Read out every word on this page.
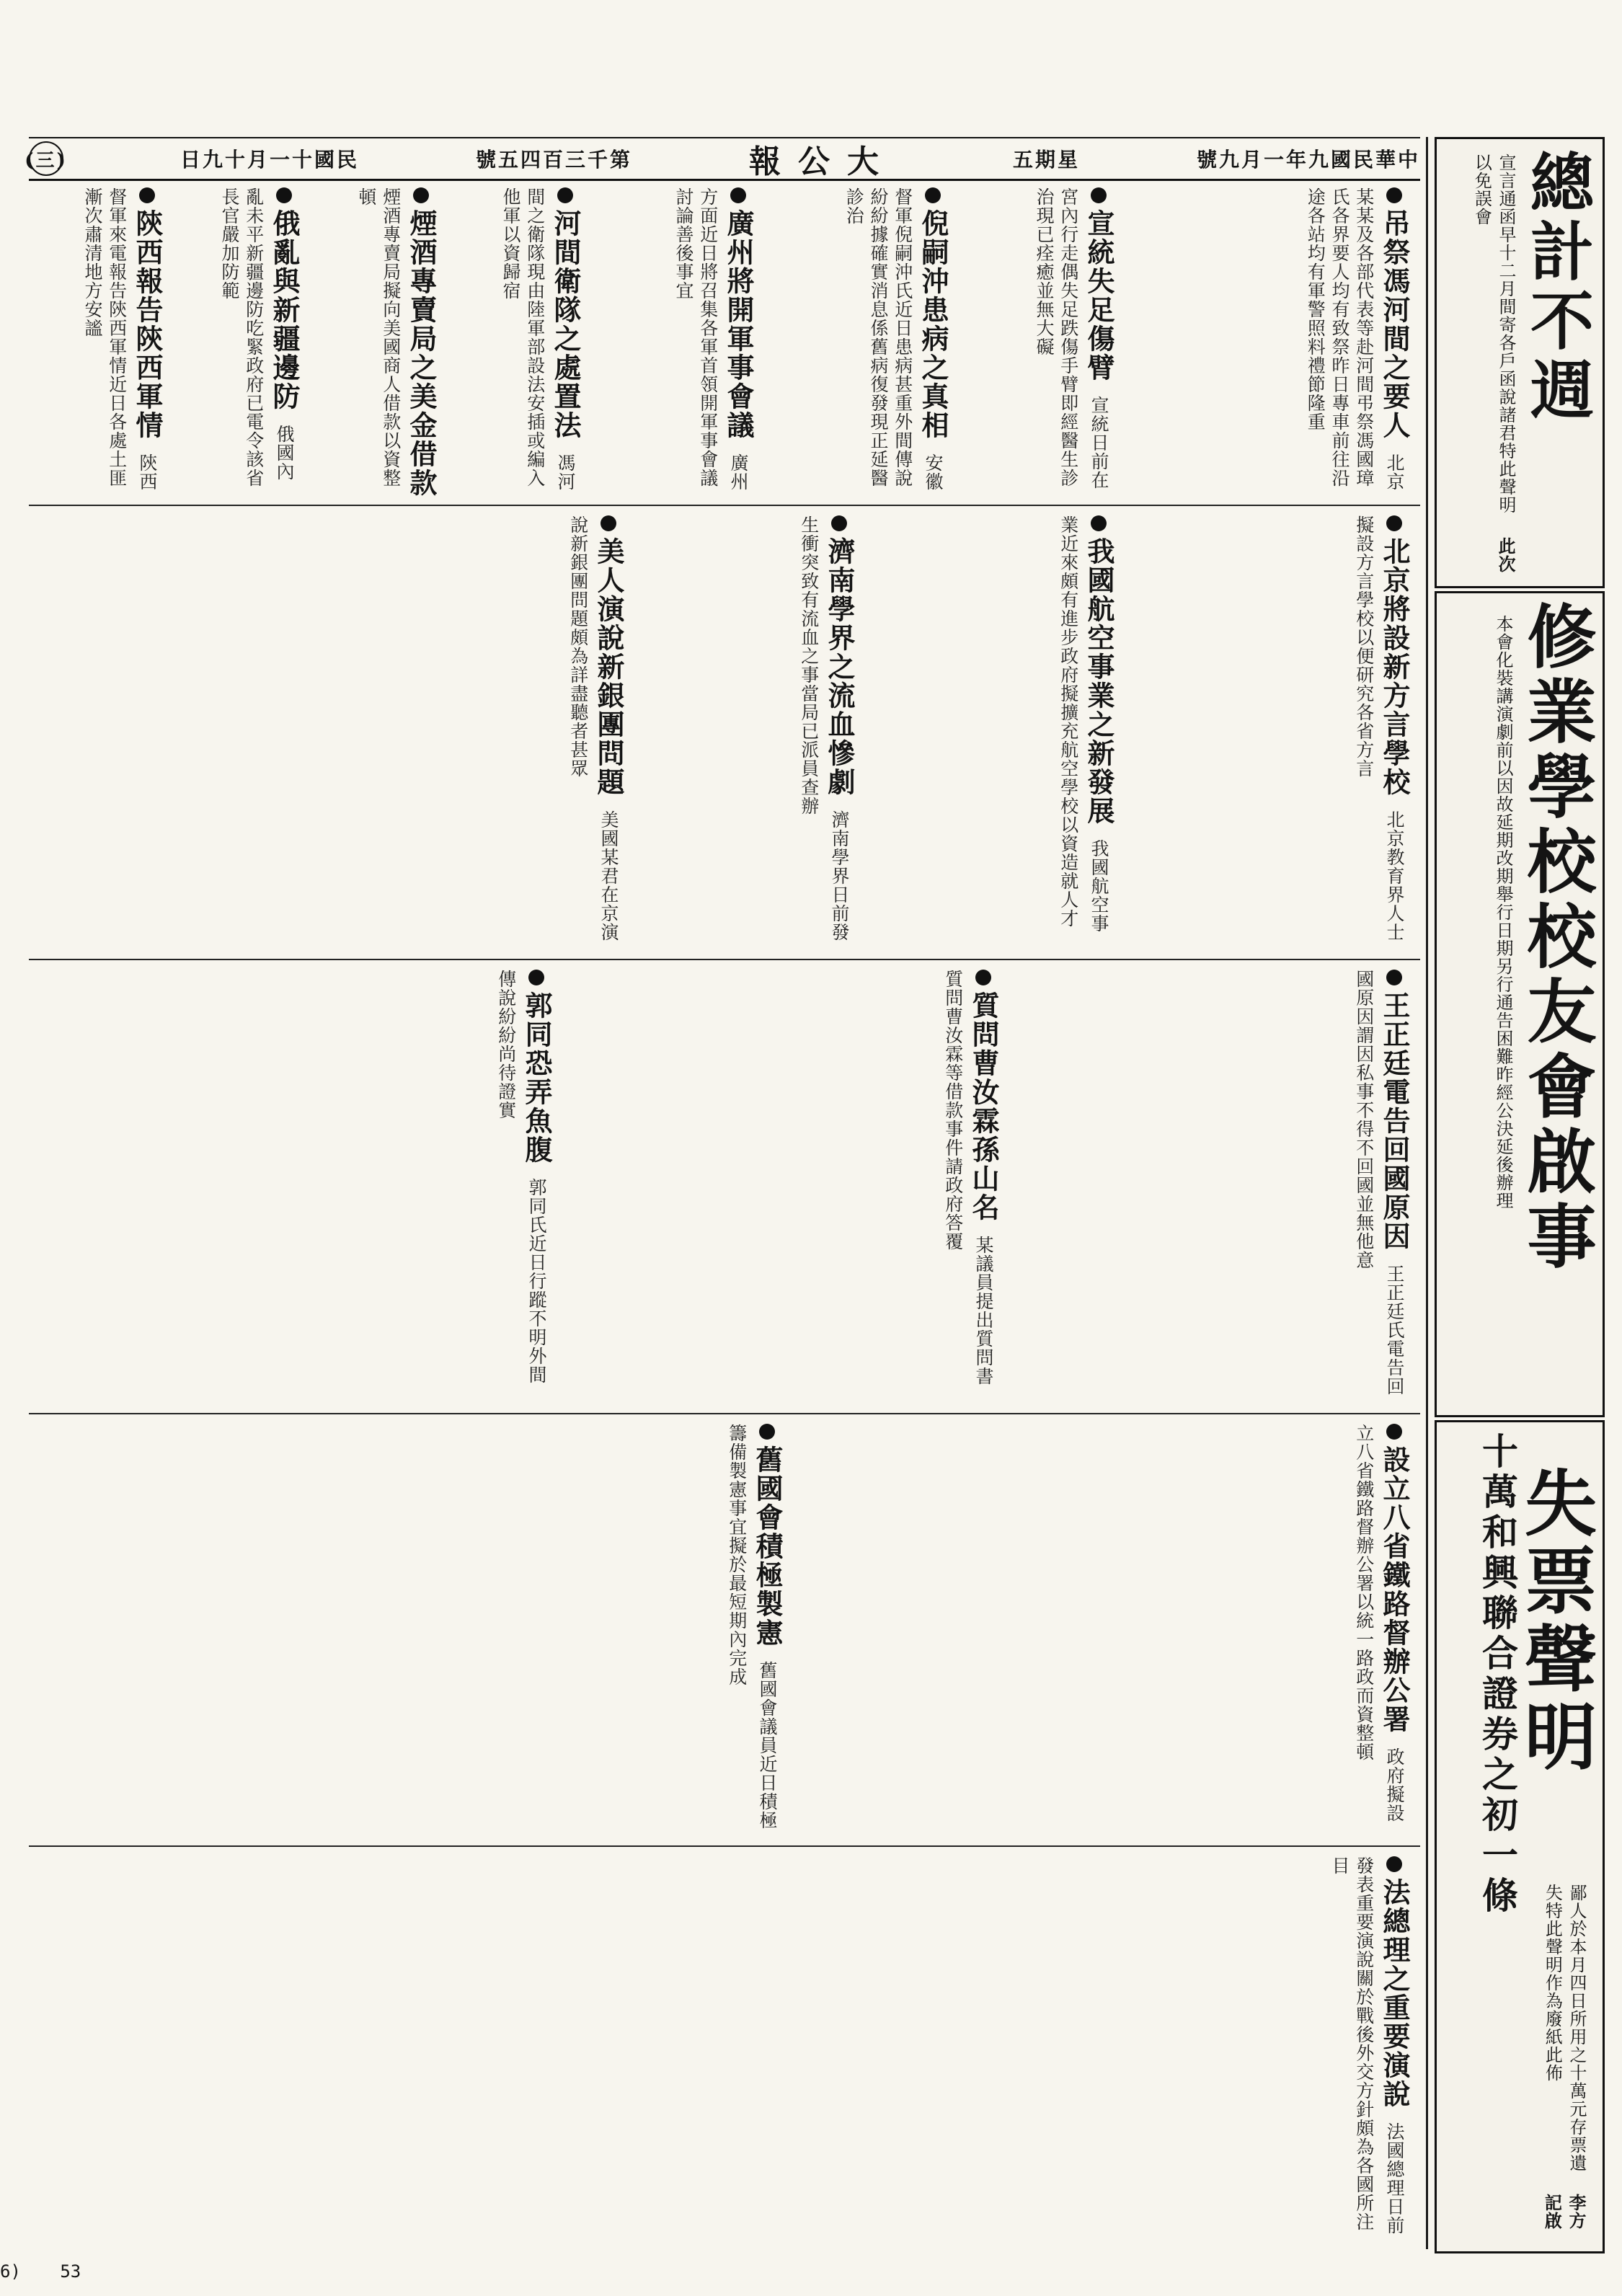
(三)	日九十月一十國民	號五四百三千第	報公大	五期星	號九月一年九國民華中 總計不週
宣言通函早十二月間寄各戶函說諸君特此聲明以免誤會
此次
修業學校校友會啟事
本會化裝講演劇前以因故延期改期舉行日期另行通告困難昨經公決延後辦理
失票聲明
十萬和興聯合證券之初一條
鄙人於本月四日所用之十萬元存票遺失特此聲明作為廢紙此佈
李方記啟
吊祭馮河間之要人 北京某某及各部代表等赴河間弔祭馮國璋氏各界要人均有致祭昨日專車前往沿途各站均有軍警照料禮節隆重
宣統失足傷臂 宣統日前在宮內行走偶失足跌傷手臂即經醫生診治現已痊癒並無大礙
倪嗣沖患病之真相 安徽督軍倪嗣沖氏近日患病甚重外間傳說紛紛據確實消息係舊病復發現正延醫診治
廣州將開軍事會議 廣州方面近日將召集各軍首領開軍事會議討論善後事宜
河間衛隊之處置法 馮河間之衛隊現由陸軍部設法安插或編入他軍以資歸宿
煙酒專賣局之美金借款 煙酒專賣局擬向美國商人借款以資整頓
俄亂與新疆邊防 俄國內亂未平新疆邊防吃緊政府已電令該省長官嚴加防範
陝西報告陝西軍情 陝西督軍來電報告陝西軍情近日各處土匪漸次肅清地方安謐
北京將設新方言學校 北京教育界人士擬設方言學校以便研究各省方言
我國航空事業之新發展 我國航空事業近來頗有進步政府擬擴充航空學校以資造就人才
濟南學界之流血慘劇 濟南學界日前發生衝突致有流血之事當局已派員查辦
美人演說新銀團問題 美國某君在京演說新銀團問題頗為詳盡聽者甚眾
王正廷電告回國原因 王正廷氏電告回國原因謂因私事不得不回國並無他意
質問曹汝霖孫山名 某議員提出質問書質問曹汝霖等借款事件請政府答覆
郭同恐弄魚腹 郭同氏近日行蹤不明外間傳說紛紛尚待證實
設立八省鐵路督辦公署 政府擬設立八省鐵路督辦公署以統一路政而資整頓
舊國會積極製憲 舊國會議員近日積極籌備製憲事宜擬於最短期內完成
法總理之重要演說 法國總理日前發表重要演說關於戰後外交方針頗為各國所注目
6) 53
